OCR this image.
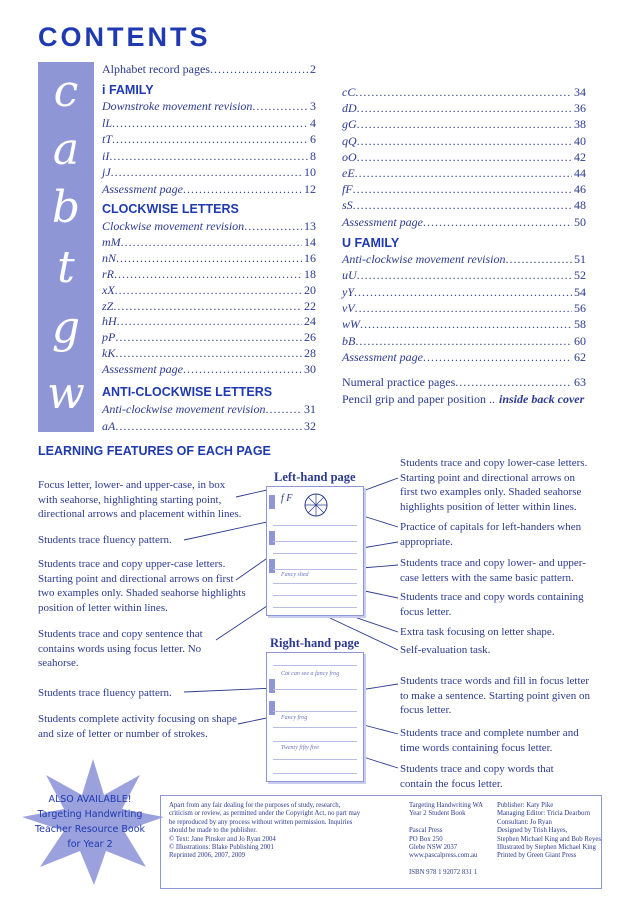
CONTENTS
c
a
b
t
g
w
Alphabet record pages .....	2
i FAMILY
Downstroke movement revision .....	3
lL .....	4
tT .....	6
iI .....	8
jJ .....	10
Assessment page .....	12
CLOCKWISE LETTERS
Clockwise movement revision .....	13
mM .....	14
nN .....	16
rR .....	18
xX .....	20
zZ .....	22
hH .....	24
pP .....	26
kK .....	28
Assessment page .....	30
ANTI-CLOCKWISE LETTERS
Anti-clockwise movement revision .....	31
aA .....	32
cC .....	34
dD .....	36
gG .....	38
qQ .....	40
oO .....	42
eE .....	44
fF .....	46
sS .....	48
Assessment page .....	50
U FAMILY
Anti-clockwise movement revision .....	51
uU .....	52
yY .....	54
vV .....	56
wW .....	58
bB .....	60
Assessment page .....	62
Numeral practice pages .....	63
Pencil grip and paper position .. inside back cover
LEARNING FEATURES OF EACH PAGE
Left-hand page
f F
Fancy shed
Right-hand page
Cat can see a fancy frog
Fancy frog
Twenty fifty five
Focus letter, lower- and upper-case, in box with seahorse, highlighting starting point, directional arrows and placement within lines.
Students trace fluency pattern.
Students trace and copy upper-case letters. Starting point and directional arrows on first two examples only. Shaded seahorse highlights position of letter within lines.
Students trace and copy sentence that contains words using focus letter. No seahorse.
Students trace fluency pattern.
Students complete activity focusing on shape and size of letter or number of strokes.
Students trace and copy lower-case letters. Starting point and directional arrows on first two examples only. Shaded seahorse highlights position of letter within lines.
Practice of capitals for left-handers when appropriate.
Students trace and copy lower- and upper-case letters with the same basic pattern.
Students trace and copy words containing focus letter.
Extra task focusing on letter shape.
Self-evaluation task.
Students trace words and fill in focus letter to make a sentence. Starting point given on focus letter.
Students trace and complete number and time words containing focus letter.
Students trace and copy words that contain the focus letter.
ALSO AVAILABLE!
Targeting Handwriting
Teacher Resource Book
for Year 2
Apart from any fair dealing for the purposes of study, research,
criticism or review, as permitted under the Copyright Act, no part may
be reproduced by any process without written permission. Inquiries
should be made to the publisher.
© Text: Jane Pinsker and Jo Ryan 2004
© Illustrations: Blake Publishing 2001
Reprinted 2006, 2007, 2009
Targeting Handwriting WA
Year 2 Student Book
Pascal Press
PO Box 250
Glebe NSW 2037
www.pascalpress.com.au
ISBN 978 1 92072 831 1
Publisher: Katy Pike
Managing Editor: Tricia Dearborn
Consultant: Jo Ryan
Designed by Trish Hayes,
Stephen Michael King and Bob Reyes
Illustrated by Stephen Michael King
Printed by Green Giant Press
